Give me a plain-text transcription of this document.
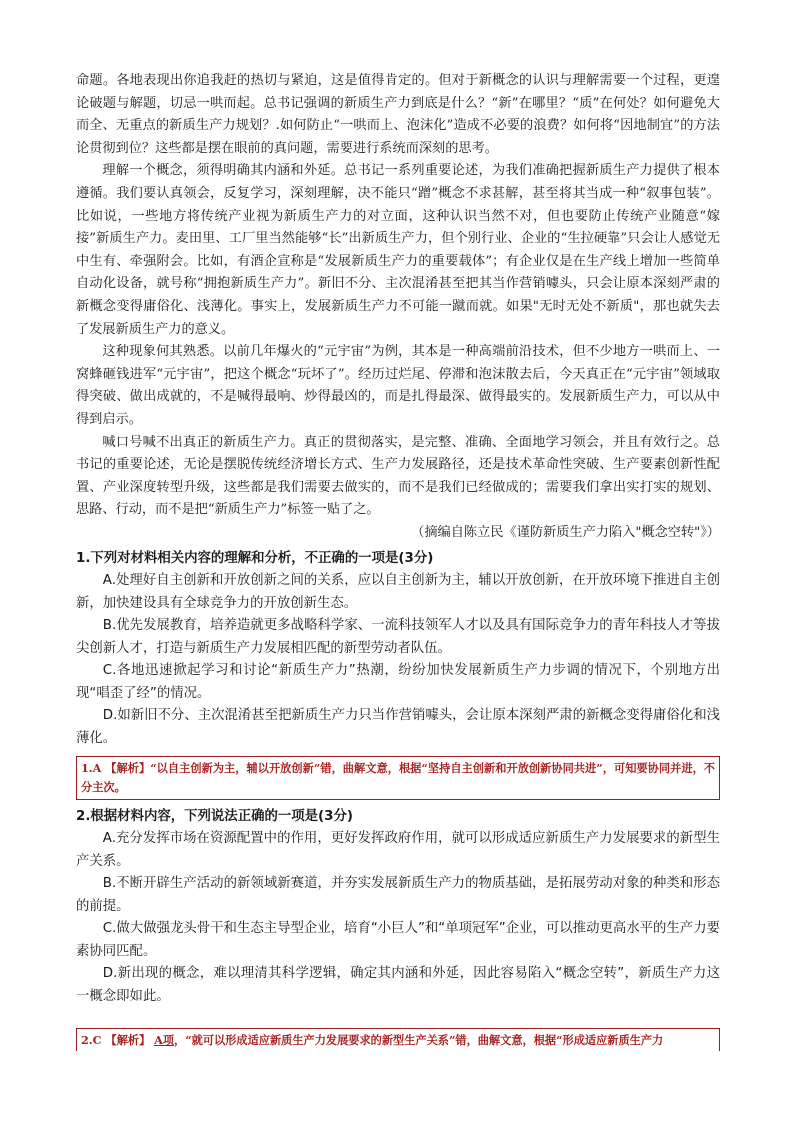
命题。各地表现出你追我赶的热切与紧迫，这是值得肯定的。但对于新概念的认识与理解需要一个过程，更遑论破题与解题，切忌一哄而起。总书记强调的新质生产力到底是什么？“新”在哪里？“质”在何处？如何避免大而全、无重点的新质生产力规划？.如何防止“一哄而上、泡沫化”造成不必要的浪费？如何将“因地制宜”的方法论贯彻到位？这些都是摆在眼前的真问题，需要进行系统而深刻的思考。

理解一个概念，须得明确其内涵和外延。总书记一系列重要论述，为我们准确把握新质生产力提供了根本遵循。我们要认真领会，反复学习，深刻理解，决不能只“蹭”概念不求甚解，甚至将其当成一种“叙事包装”。比如说，一些地方将传统产业视为新质生产力的对立面，这种认识当然不对，但也要防止传统产业随意“嫁接”新质生产力。麦田里、工厂里当然能够“长”出新质生产力，但个别行业、企业的“生拉硬靠”只会让人感觉无中生有、牵强附会。比如，有酒企宣称是“发展新质生产力的重要载体”；有企业仅是在生产线上增加一些简单自动化设备，就号称“拥抱新质生产力”。新旧不分、主次混淆甚至把其当作营销噱头，只会让原本深刻严肃的新概念变得庸俗化、浅薄化。事实上，发展新质生产力不可能一蹴而就。如果"无时无处不新质"，那也就失去了发展新质生产力的意义。

这种现象何其熟悉。以前几年爆火的“元宇宙”为例，其本是一种高端前沿技术，但不少地方一哄而上、一窝蜂砸钱进军“元宇宙”，把这个概念“玩坏了”。经历过烂尾、停滞和泡沫散去后，今天真正在“元宇宙”领域取得突破、做出成就的，不是喊得最响、炒得最凶的，而是扎得最深、做得最实的。发展新质生产力，可以从中得到启示。

喊口号喊不出真正的新质生产力。真正的贯彻落实，是完整、准确、全面地学习领会，并且有效行之。总书记的重要论述，无论是摆脱传统经济增长方式、生产力发展路径，还是技术革命性突破、生产要素创新性配置、产业深度转型升级，这些都是我们需要去做实的，而不是我们已经做成的；需要我们拿出实打实的规划、思路、行动，而不是把“新质生产力”标签一贴了之。

（摘编自陈立民《谨防新质生产力陷入"概念空转"》）

1.下列对材料相关内容的理解和分析，不正确的一项是(3分)

A.处理好自主创新和开放创新之间的关系，应以自主创新为主，辅以开放创新，在开放环境下推进自主创新，加快建设具有全球竞争力的开放创新生态。

B.优先发展教育，培养造就更多战略科学家、一流科技领军人才以及具有国际竞争力的青年科技人才等拔尖创新人才，打造与新质生产力发展相匹配的新型劳动者队伍。

C.各地迅速掀起学习和讨论“新质生产力”热潮，纷纷加快发展新质生产力步调的情况下，个别地方出现“唱歪了经”的情况。

D.如新旧不分、主次混淆甚至把新质生产力只当作营销噱头，会让原本深刻严肃的新概念变得庸俗化和浅薄化。

1.A 【解析】“以自主创新为主，辅以开放创新”错，曲解文意，根据“坚持自主创新和开放创新协同共进”，可知要协同并进，不分主次。

2.根据材料内容，下列说法正确的一项是(3分)

A.充分发挥市场在资源配置中的作用，更好发挥政府作用，就可以形成适应新质生产力发展要求的新型生产关系。

B.不断开辟生产活动的新领域新赛道，并夯实发展新质生产力的物质基础，是拓展劳动对象的种类和形态的前提。

C.做大做强龙头骨干和生态主导型企业，培育“小巨人”和“单项冠军”企业，可以推动更高水平的生产力要素协同匹配。

D.新出现的概念，难以理清其科学逻辑，确定其内涵和外延，因此容易陷入“概念空转”，新质生产力这一概念即如此。

2.C 【解析】 A项，“就可以形成适应新质生产力发展要求的新型生产关系”错，曲解文意，根据“形成适应新质生产力
